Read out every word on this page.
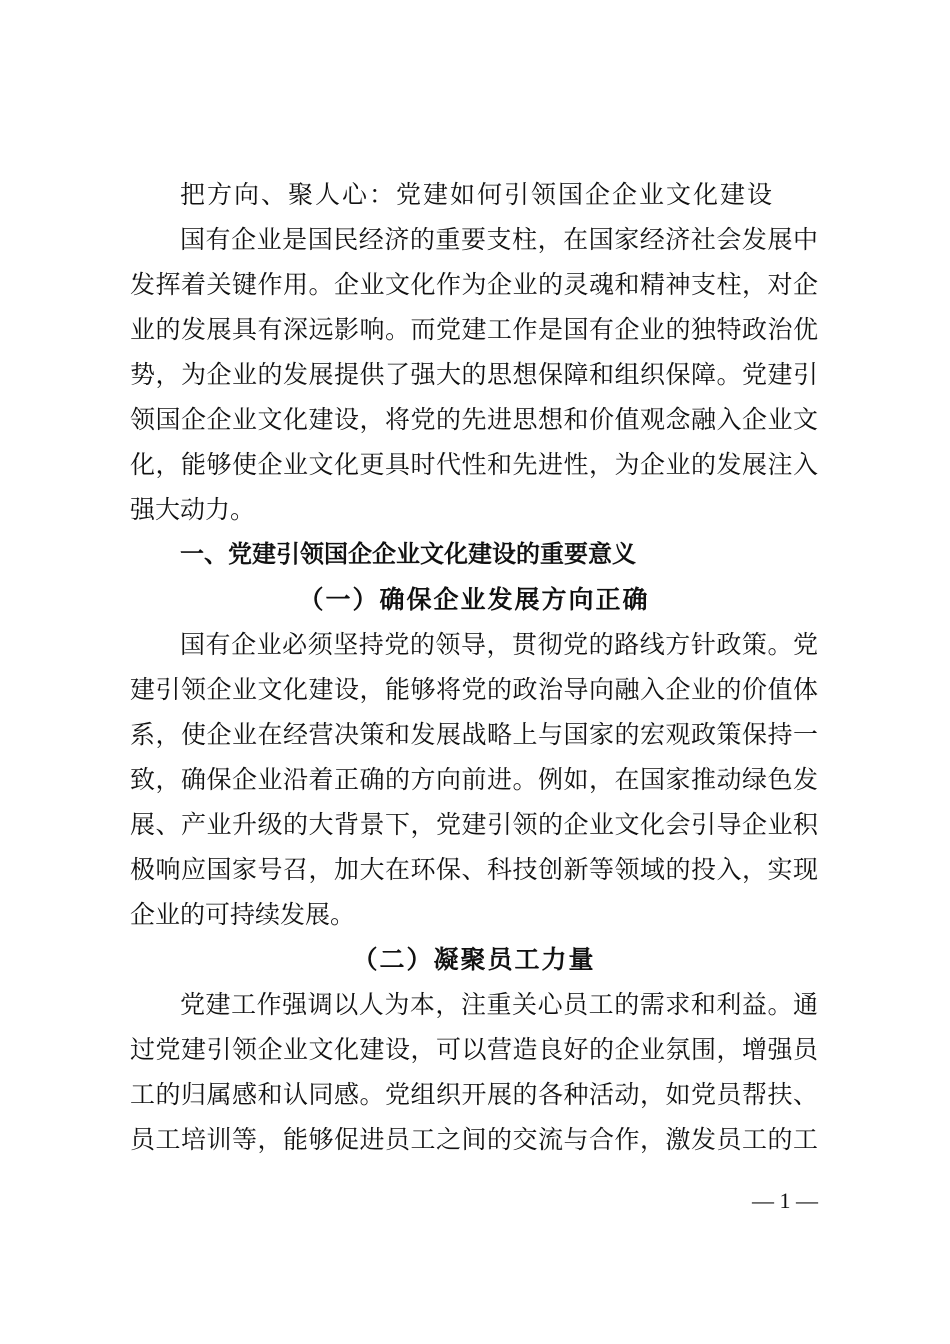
把方向、聚人心：党建如何引领国企企业文化建设
国有企业是国民经济的重要支柱，在国家经济社会发展中
发挥着关键作用。企业文化作为企业的灵魂和精神支柱，对企
业的发展具有深远影响。而党建工作是国有企业的独特政治优
势，为企业的发展提供了强大的思想保障和组织保障。党建引
领国企企业文化建设，将党的先进思想和价值观念融入企业文
化，能够使企业文化更具时代性和先进性，为企业的发展注入
强大动力。
一、党建引领国企企业文化建设的重要意义
（一）确保企业发展方向正确
国有企业必须坚持党的领导，贯彻党的路线方针政策。党
建引领企业文化建设，能够将党的政治导向融入企业的价值体
系，使企业在经营决策和发展战略上与国家的宏观政策保持一
致，确保企业沿着正确的方向前进。例如，在国家推动绿色发
展、产业升级的大背景下，党建引领的企业文化会引导企业积
极响应国家号召，加大在环保、科技创新等领域的投入，实现
企业的可持续发展。
（二）凝聚员工力量
党建工作强调以人为本，注重关心员工的需求和利益。通
过党建引领企业文化建设，可以营造良好的企业氛围，增强员
工的归属感和认同感。党组织开展的各种活动，如党员帮扶、
员工培训等，能够促进员工之间的交流与合作，激发员工的工
— 1 —
